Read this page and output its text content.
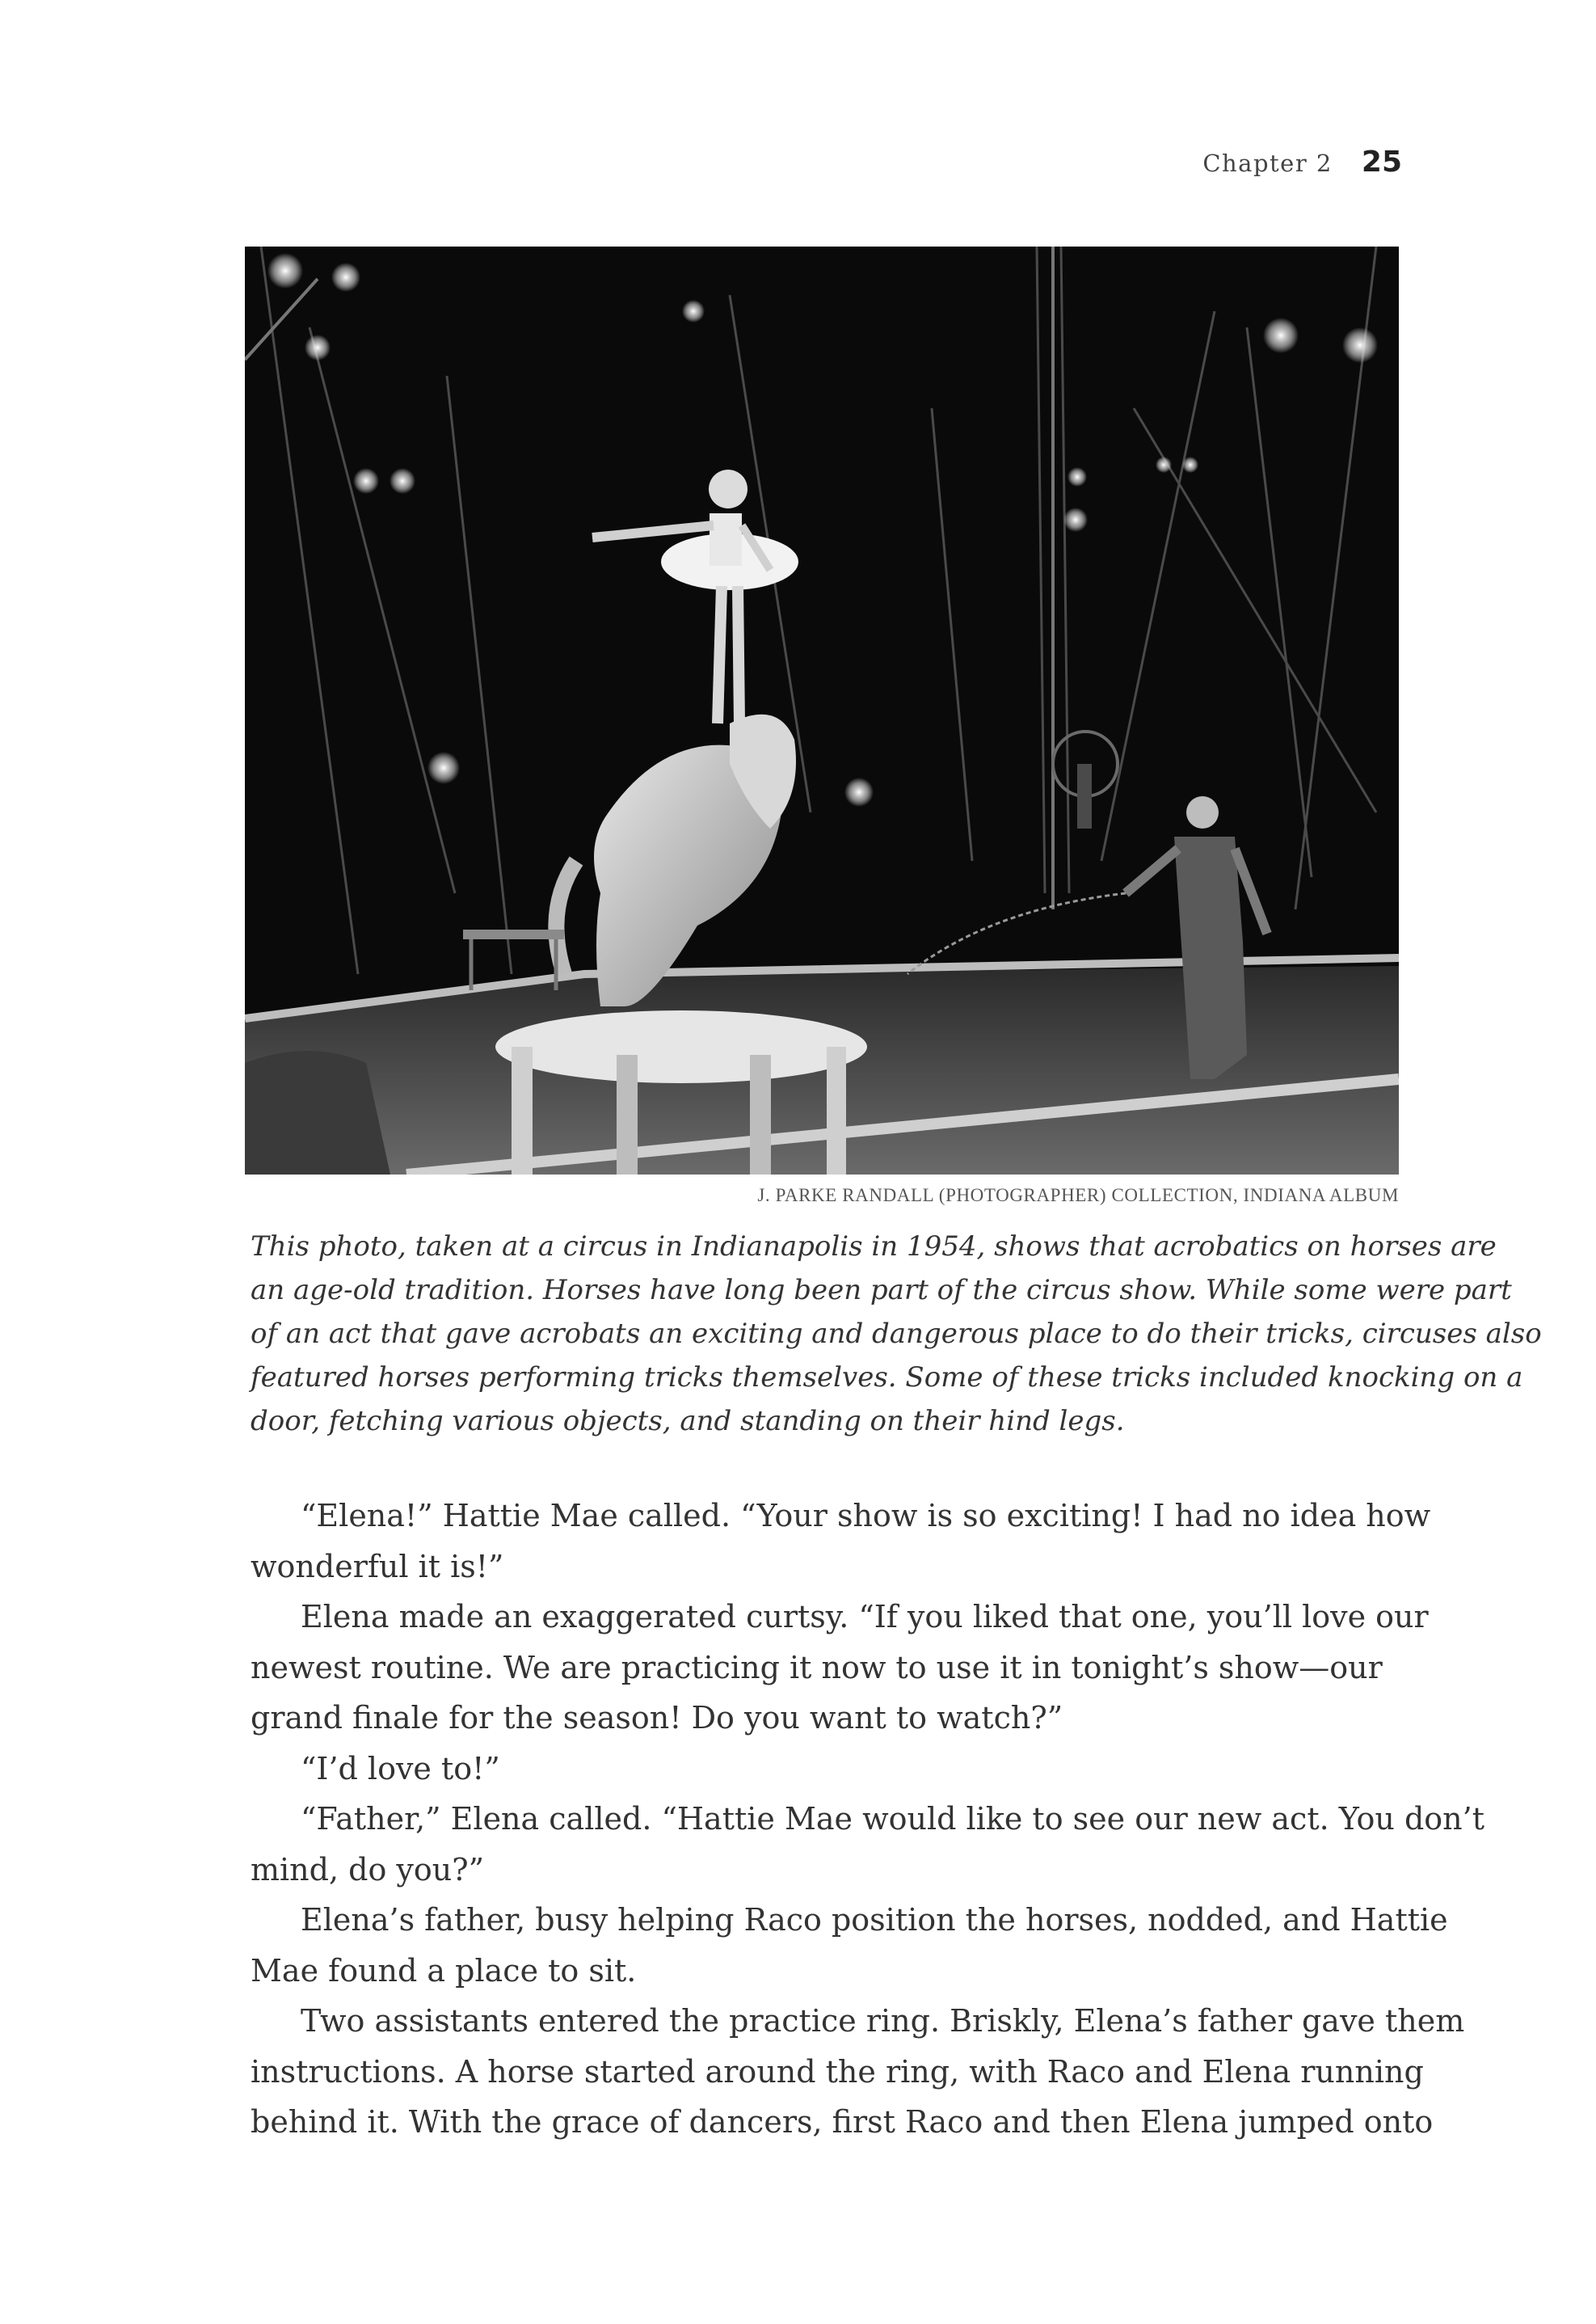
Chapter 2 25
J. PARKE RANDALL (PHOTOGRAPHER) COLLECTION, INDIANA ALBUM
This photo, taken at a circus in Indianapolis in 1954, shows that acrobatics on horses are
an age-old tradition. Horses have long been part of the circus show. While some were part
of an act that gave acrobats an exciting and dangerous place to do their tricks, circuses also
featured horses performing tricks themselves. Some of these tricks included knocking on a
door, fetching various objects, and standing on their hind legs.
“Elena!” Hattie Mae called. “Your show is so exciting! I had no idea how
wonderful it is!”
Elena made an exaggerated curtsy. “If you liked that one, you’ll love our
newest routine. We are practicing it now to use it in tonight’s show—our
grand finale for the season! Do you want to watch?”
“I’d love to!”
“Father,” Elena called. “Hattie Mae would like to see our new act. You don’t
mind, do you?”
Elena’s father, busy helping Raco position the horses, nodded, and Hattie
Mae found a place to sit.
Two assistants entered the practice ring. Briskly, Elena’s father gave them
instructions. A horse started around the ring, with Raco and Elena running
behind it. With the grace of dancers, first Raco and then Elena jumped onto
